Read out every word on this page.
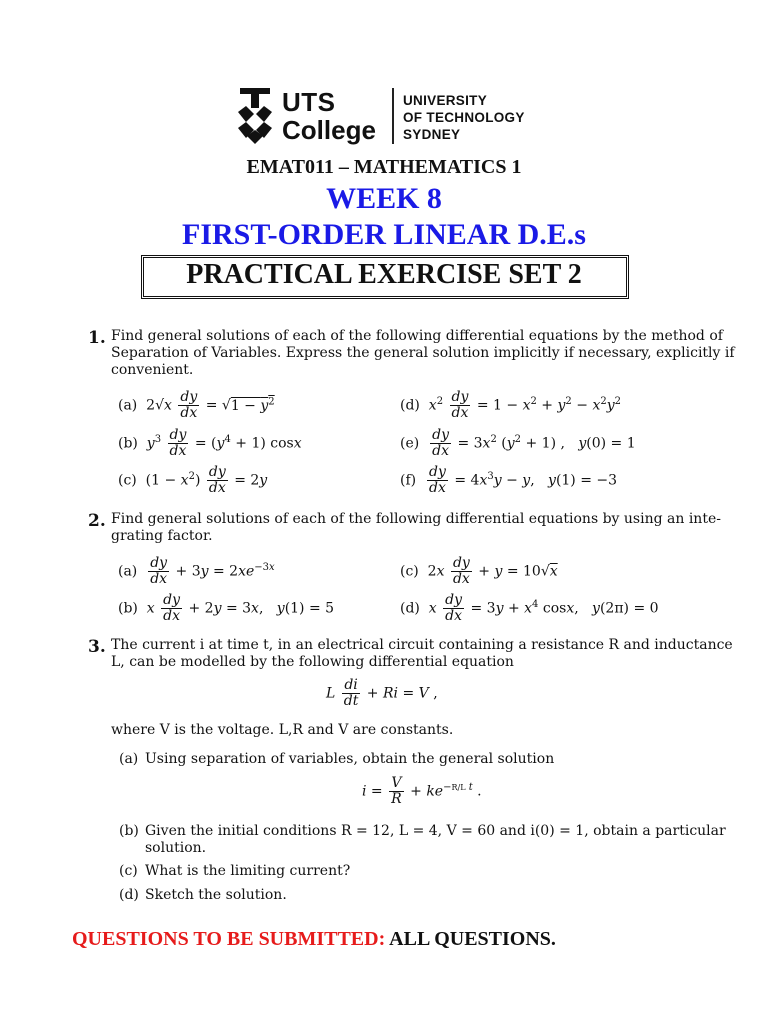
UTS
College
UNIVERSITY
OF TECHNOLOGY
SYDNEY
EMAT011 – MATHEMATICS 1
WEEK 8
FIRST-ORDER LINEAR D.E.s
PRACTICAL EXERCISE SET 2
1. Find general solutions of each of the following differential equations by the method of
Separation of Variables. Express the general solution implicitly if necessary, explicitly if
convenient.
(a)  $2√x \frac{dy}{dx} = √1 - y^2$	(d) $x^2 \frac{dy}{dx} = 1 - x^2 + y^2 - x^2y^2$
(b) $y^3 \frac{dy}{dx} = (y^4 + 1)$ cosx	$(e) \frac{dy}{dx} = 3x^2$ $(y^2 + 1)$ ,   y(0) = 1
(c)  $(1 - x^2) \frac{dy}{dx} = 2y$	$(f) \frac{dy}{dx} = 4x^3y - y$,   y(1) = −3
2. Find general solutions of each of the following differential equations by using an inte-
grating factor.
$(a) \frac{dy}{dx} + 3y = 2xe^{-3x}$	(c)  $2x \frac{dy}{dx} + y = 10√x$
(b) x $\frac{dy}{dx} + 2y = 3x$,   y(1) = 5	(d) x $\frac{dy}{dx} = 3y + x^4$ cosx,   y(2π) = 0
3. The current i at time t, in an electrical circuit containing a resistance R and inductance
L, can be modelled by the following differential equation
L $\frac{di}{dt} + Ri = V$ ,
where V is the voltage. L,R and V are constants.
(a) Using separation of variables, obtain the general solution
$i = \frac{V}{R} + ke^{-R/L t}$ .
(b) Given the initial conditions R = 12, L = 4, V = 60 and i(0) = 1, obtain a particular
solution.
(c) What is the limiting current?
(d) Sketch the solution.
QUESTIONS TO BE SUBMITTED: ALL QUESTIONS.
